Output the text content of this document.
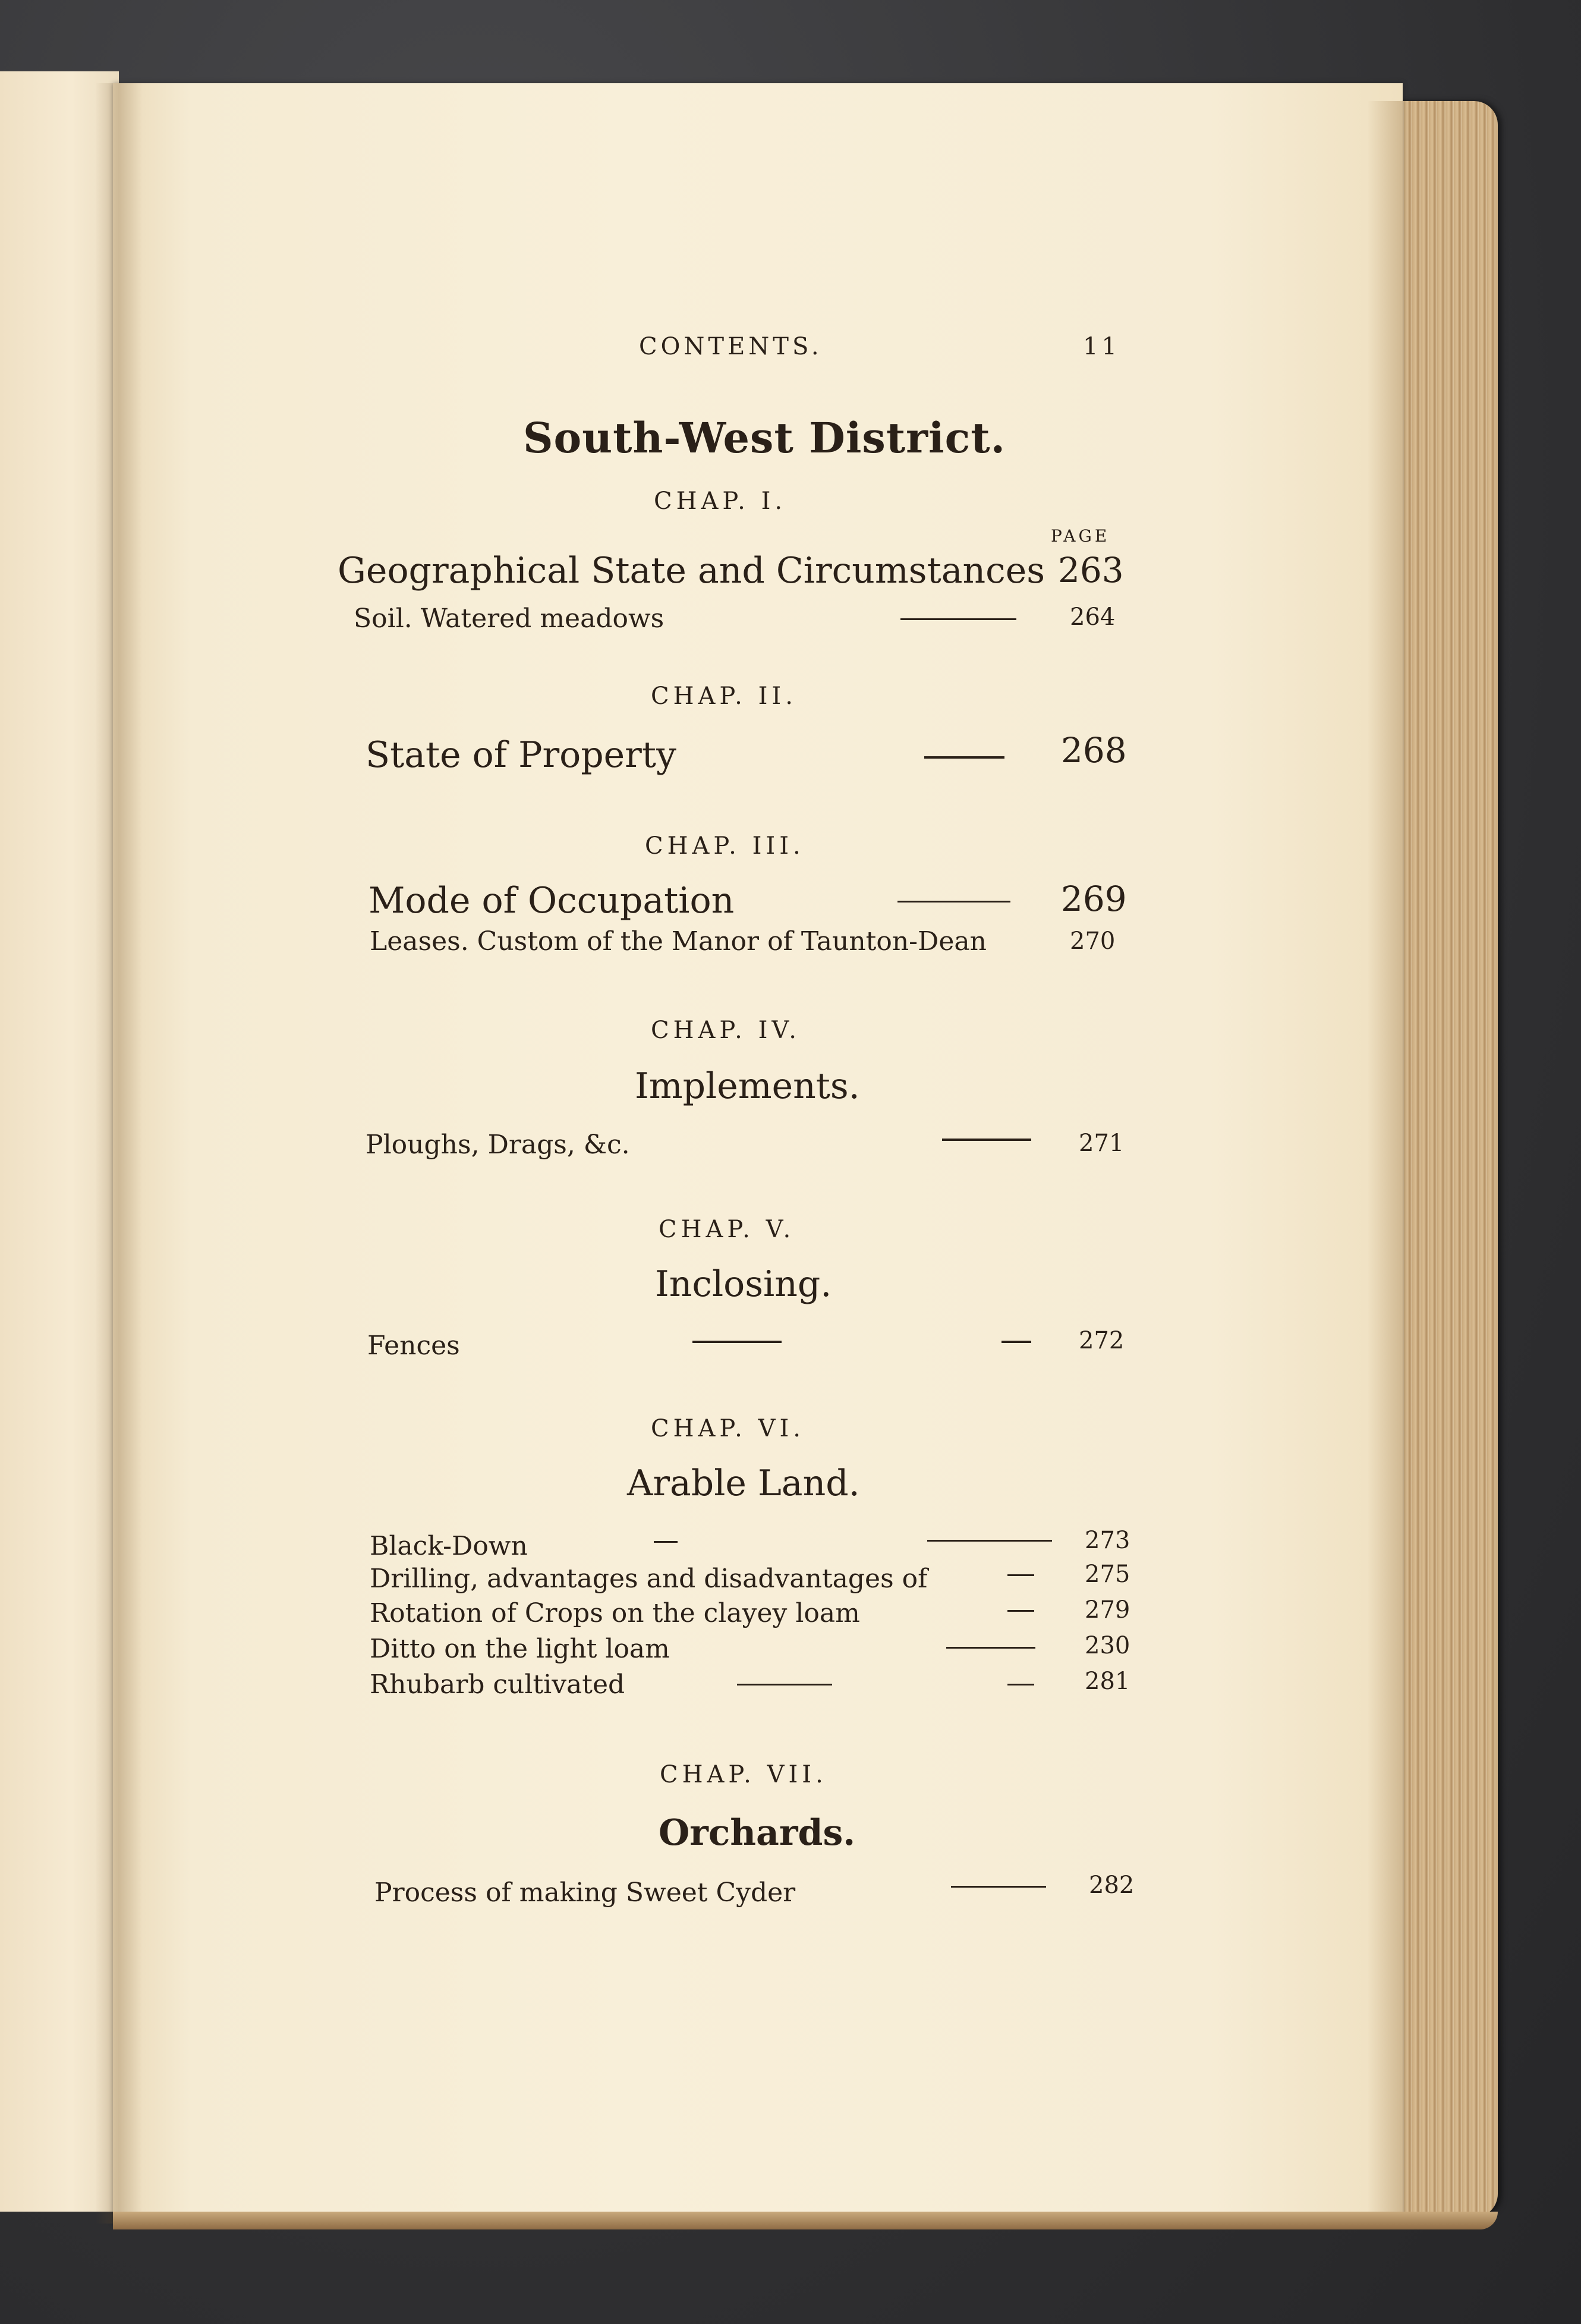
CONTENTS.	11
South-West District.
CHAP. I.
PAGE
Geographical State and Circumstances 263
Soil. Watered meadows	264
CHAP. II.
State of Property	268
CHAP. III.
Mode of Occupation	269
Leases. Custom of the Manor of Taunton-Dean	270
CHAP. IV.
Implements.
Ploughs, Drags, &c.	271
CHAP. V.
Inclosing.
Fences	272
CHAP. VI.
Arable Land.
Black-Down	273
Drilling, advantages and disadvantages of	275
Rotation of Crops on the clayey loam	279
Ditto on the light loam	230
Rhubarb cultivated	281
CHAP. VII.
Orchards.
Process of making Sweet Cyder	282
